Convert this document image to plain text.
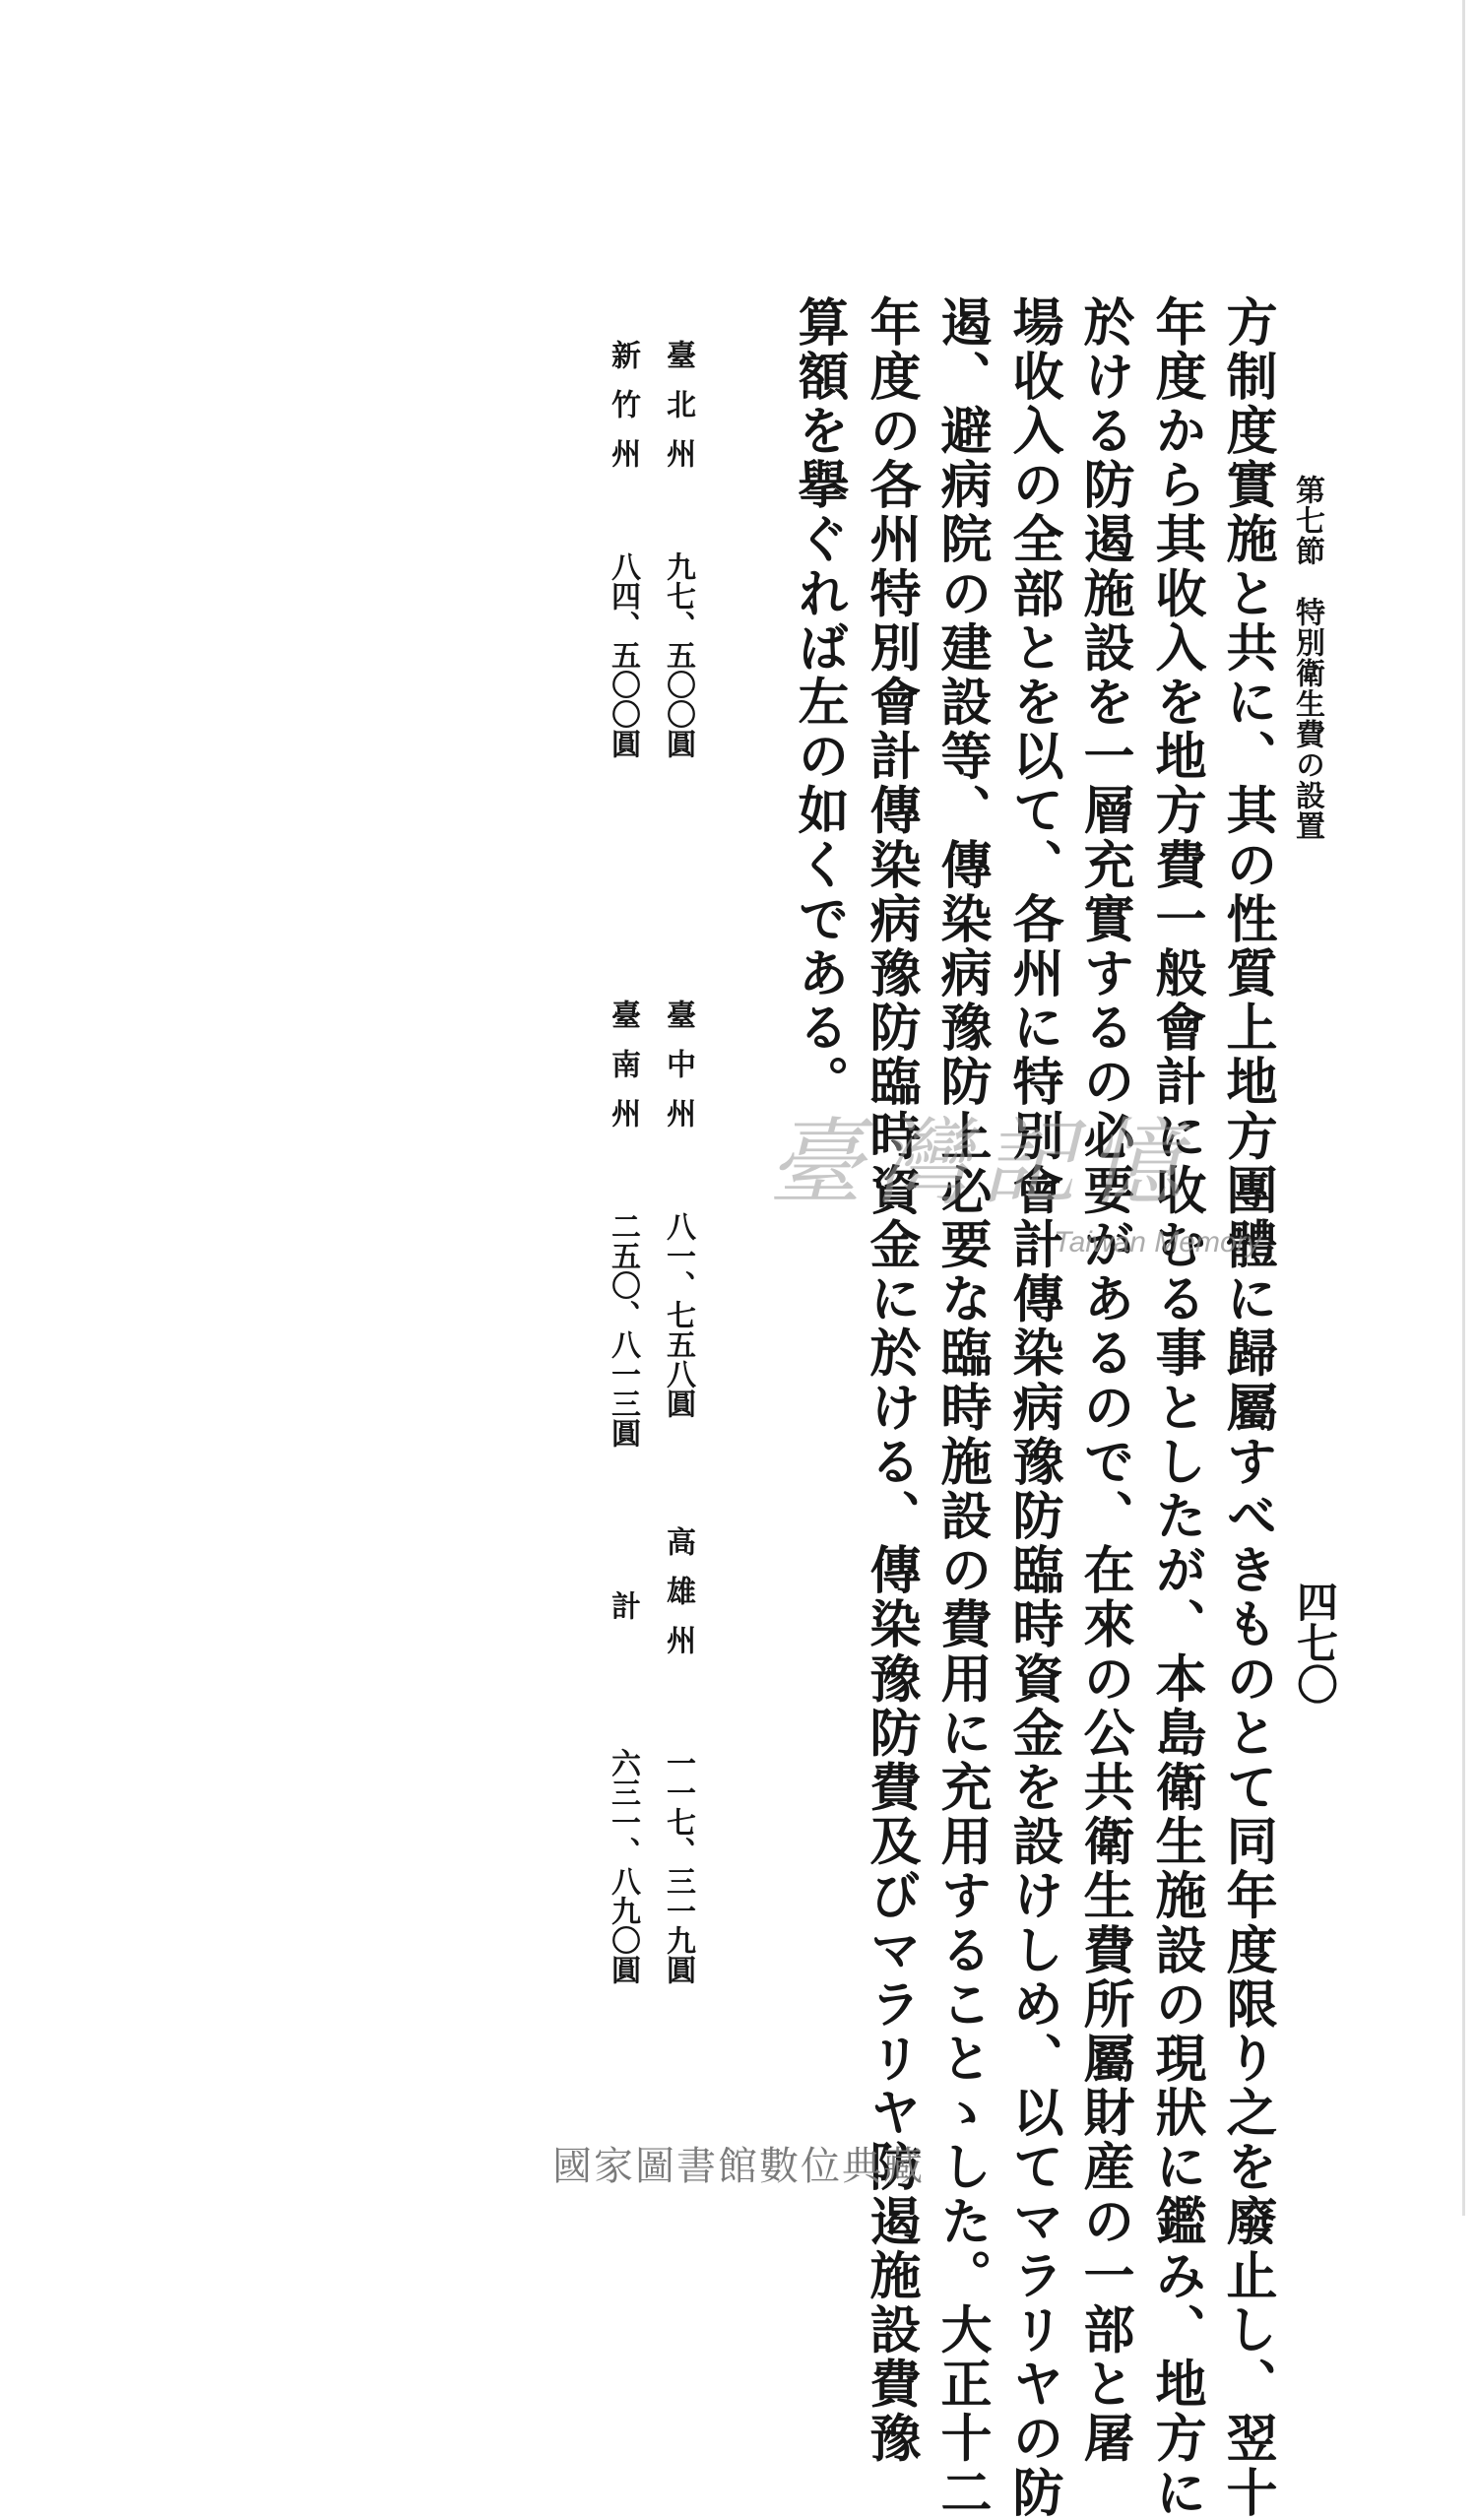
第七節　特別衛生費の設置
四七〇
方制度實施と共に、其の性質上地方團體に歸屬すべきものとて同年度限り之を廢止し、翌十
年度から其收入を地方費一般會計に收むる事としたが、本島衛生施設の現狀に鑑み、地方に
於ける防遏施設を一層充實するの必要があるので、在來の公共衛生費所屬財産の一部と屠
場收入の全部とを以て、各州に特別會計傳染病豫防臨時資金を設けしめ、以てマラリヤの防
遏、避病院の建設等、傳染病豫防上必要な臨時施設の費用に充用することゝした。大正十二
年度の各州特別會計傳染病豫防臨時資金に於ける、傳染豫防費及びマラリヤ防遏施設費豫
算額を擧ぐれば左の如くである。
臺北州
九七、五〇〇圓
臺中州
八一、七五八圓
高雄州
一一七、三一九圓
新竹州
八四、五〇〇圓
臺南州
二五〇、八一三圓
計
六三一、八九〇圓
臺灣記憶
Taiwan Memory
國家圖書館數位典藏
